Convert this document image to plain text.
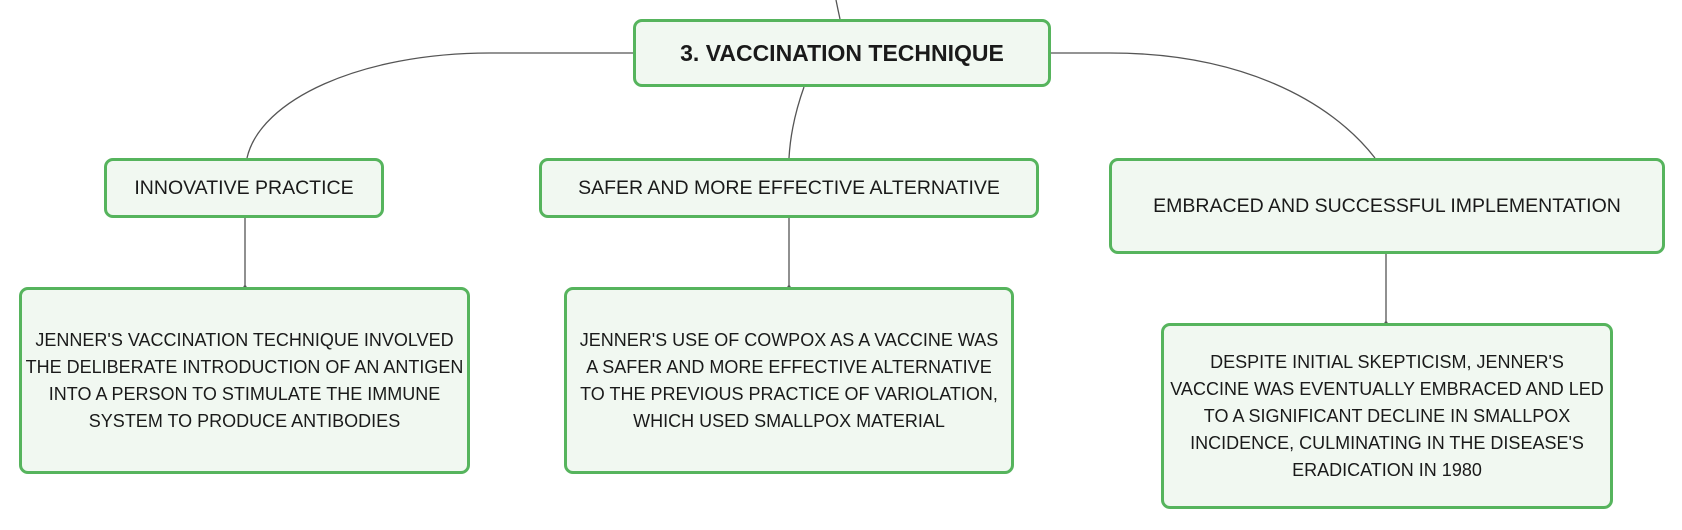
3. VACCINATION TECHNIQUE
INNOVATIVE PRACTICE	SAFER AND MORE EFFECTIVE ALTERNATIVE
EMBRACED AND SUCCESSFUL IMPLEMENTATION
JENNER'S VACCINATION TECHNIQUE INVOLVED THE DELIBERATE INTRODUCTION OF AN ANTIGEN INTO A PERSON TO STIMULATE THE IMMUNE SYSTEM TO PRODUCE ANTIBODIES
JENNER'S USE OF COWPOX AS A VACCINE WAS A SAFER AND MORE EFFECTIVE ALTERNATIVE TO THE PREVIOUS PRACTICE OF VARIOLATION, WHICH USED SMALLPOX MATERIAL
DESPITE INITIAL SKEPTICISM, JENNER'S VACCINE WAS EVENTUALLY EMBRACED AND LED TO A SIGNIFICANT DECLINE IN SMALLPOX INCIDENCE, CULMINATING IN THE DISEASE'S ERADICATION IN 1980
